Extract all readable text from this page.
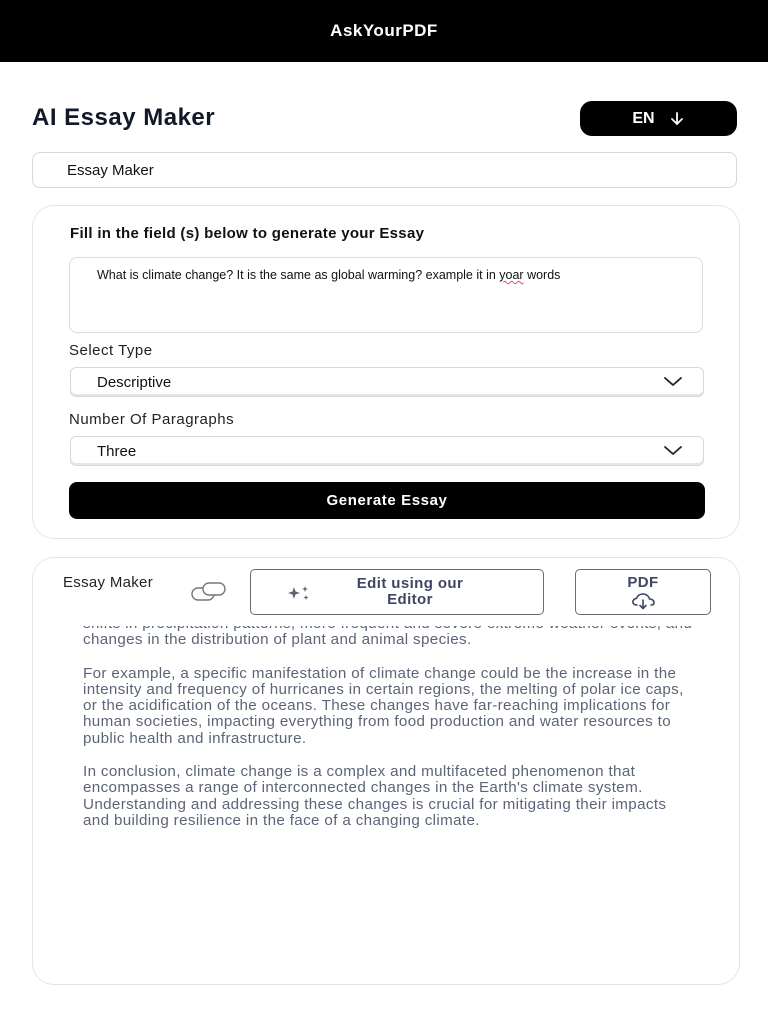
AskYourPDF
AI Essay Maker	EN
Essay Maker
Fill in the field (s) below to generate your Essay
What is climate change? It is the same as global warming? example it in yoar words
Select Type
Descriptive
Number Of Paragraphs
Three
Generate Essay

changes in the distribution of plant and animal species.

For example, a specific manifestation of climate change could be the increase in the intensity and frequency of hurricanes in certain regions, the melting of polar ice caps, or the acidification of the oceans. These changes have far-reaching implications for human societies, impacting everything from food production and water resources to public health and infrastructure.

In conclusion, climate change is a complex and multifaceted phenomenon that encompasses a range of interconnected changes in the Earth's climate system. Understanding and addressing these changes is crucial for mitigating their impacts and building resilience in the face of a changing climate.

Essay Maker	Edit using our Editor
PDF
